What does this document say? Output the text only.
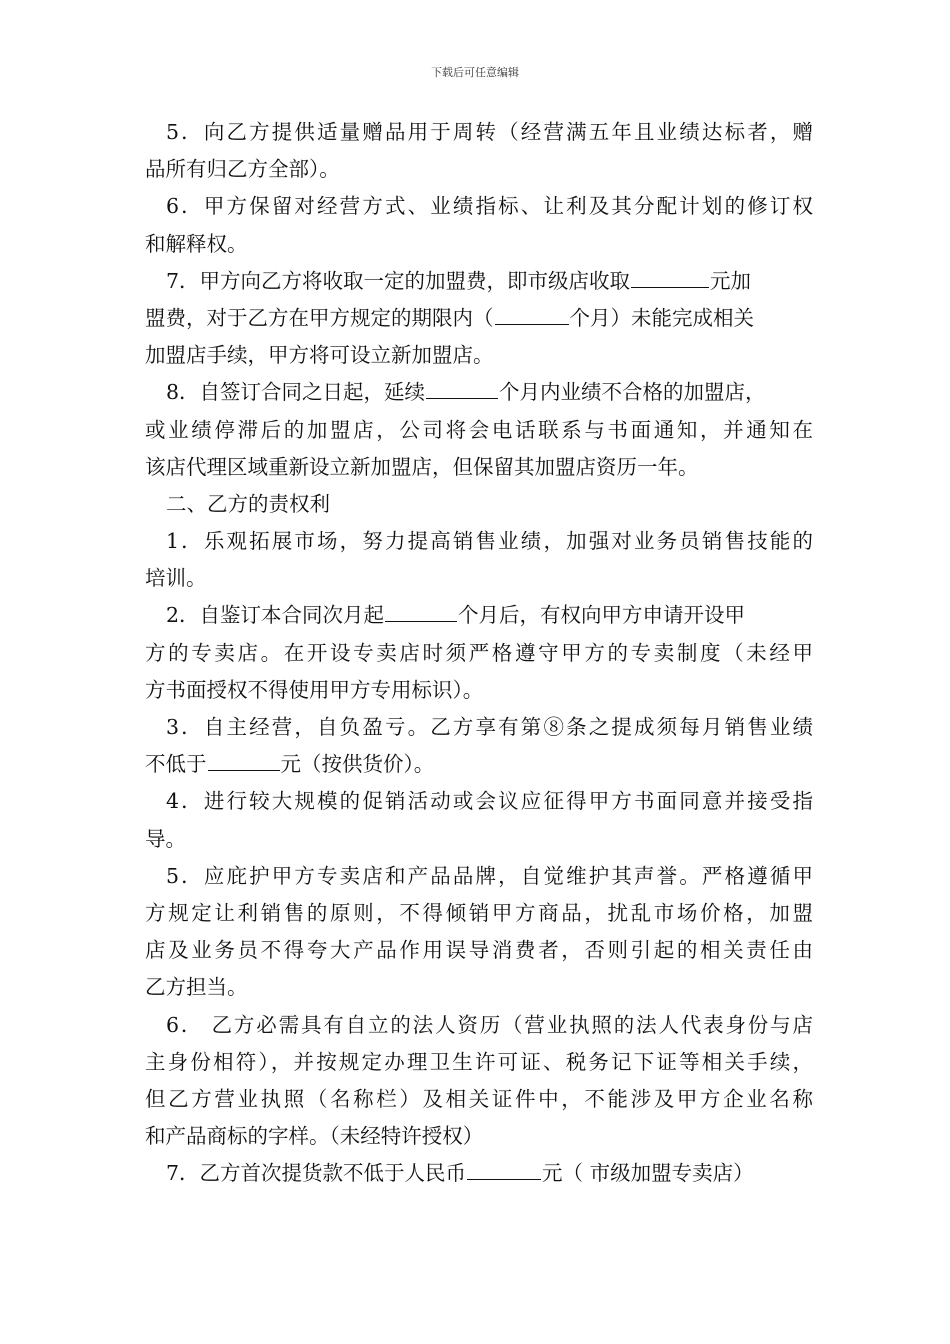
下载后可任意编辑
5．向乙方提供适量赠品用于周转（经营满五年且业绩达标者，赠
品所有归乙方全部）。
6．甲方保留对经营方式、业绩指标、让利及其分配计划的修订权
和解释权。
7．甲方向乙方将收取一定的加盟费，即市级店收取	元加
盟费，对于乙方在甲方规定的期限内（	个月）未能完成相关
加盟店手续，甲方将可设立新加盟店。
8．自签订合同之日起，延续	个月内业绩不合格的加盟店，
或业绩停滞后的加盟店，公司将会电话联系与书面通知，并通知在
该店代理区域重新设立新加盟店，但保留其加盟店资历一年。
二、乙方的责权利
1．乐观拓展市场，努力提高销售业绩，加强对业务员销售技能的
培训。
2．自鉴订本合同次月起	个月后，有权向甲方申请开设甲
方的专卖店。在开设专卖店时须严格遵守甲方的专卖制度（未经甲
方书面授权不得使用甲方专用标识）。
3．自主经营，自负盈亏。乙方享有第⑧条之提成须每月销售业绩
不低于	元（按供货价）。
4．进行较大规模的促销活动或会议应征得甲方书面同意并接受指
导。
5．应庇护甲方专卖店和产品品牌，自觉维护其声誉。严格遵循甲
方规定让利销售的原则，不得倾销甲方商品，扰乱市场价格，加盟
店及业务员不得夸大产品作用误导消费者，否则引起的相关责任由
乙方担当。
6． 乙方必需具有自立的法人资历（营业执照的法人代表身份与店
主身份相符），并按规定办理卫生许可证、税务记下证等相关手续，
但乙方营业执照（名称栏）及相关证件中，不能涉及甲方企业名称
和产品商标的字样。（未经特许授权）
7．乙方首次提货款不低于人民币	元（ 市级加盟专卖店）
